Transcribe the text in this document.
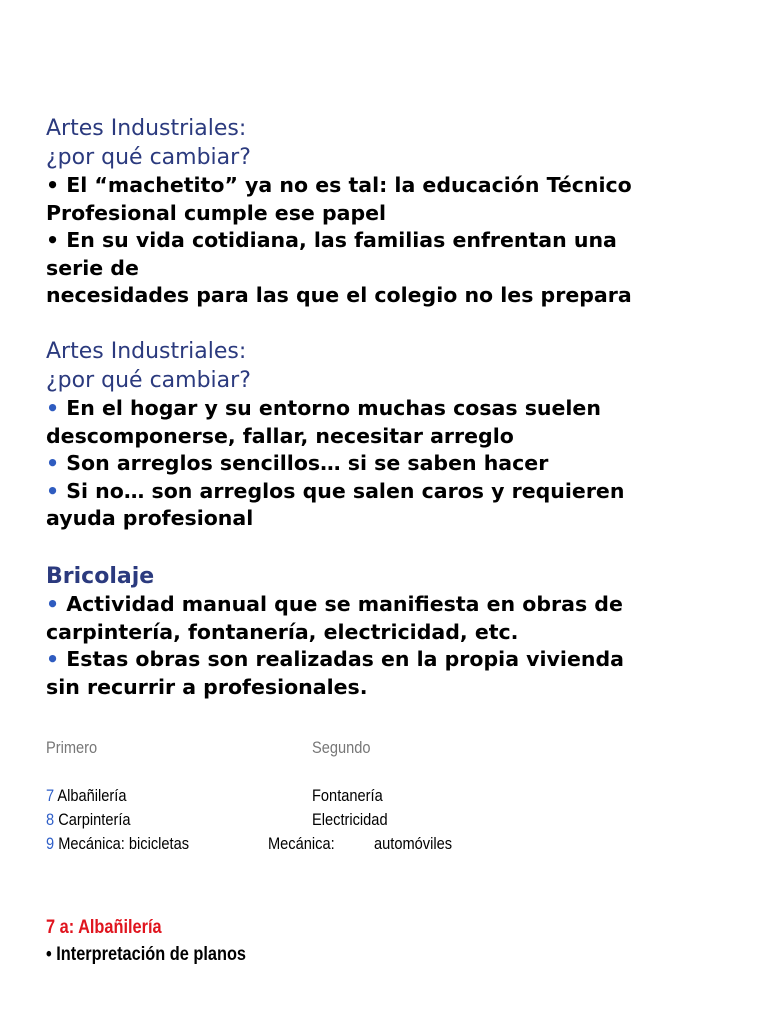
Artes Industriales:
¿por qué cambiar?
• El “machetito” ya no es tal: la educación Técnico
Profesional cumple ese papel
• En su vida cotidiana, las familias enfrentan una
serie de
necesidades para las que el colegio no les prepara
Artes Industriales:
¿por qué cambiar?
• En el hogar y su entorno muchas cosas suelen
descomponerse, fallar, necesitar arreglo
• Son arreglos sencillos… si se saben hacer
• Si no… son arreglos que salen caros y requieren
ayuda profesional
Bricolaje
• Actividad manual que se manifiesta en obras de
carpintería, fontanería, electricidad, etc.
• Estas obras son realizadas en la propia vivienda
sin recurrir a profesionales.
Primero	Segundo
7 Albañilería	Fontanería
8 Carpintería	Electricidad
9 Mecánica: bicicletas	Mecánica:	automóviles
7 a: Albañilería
• Interpretación de planos
